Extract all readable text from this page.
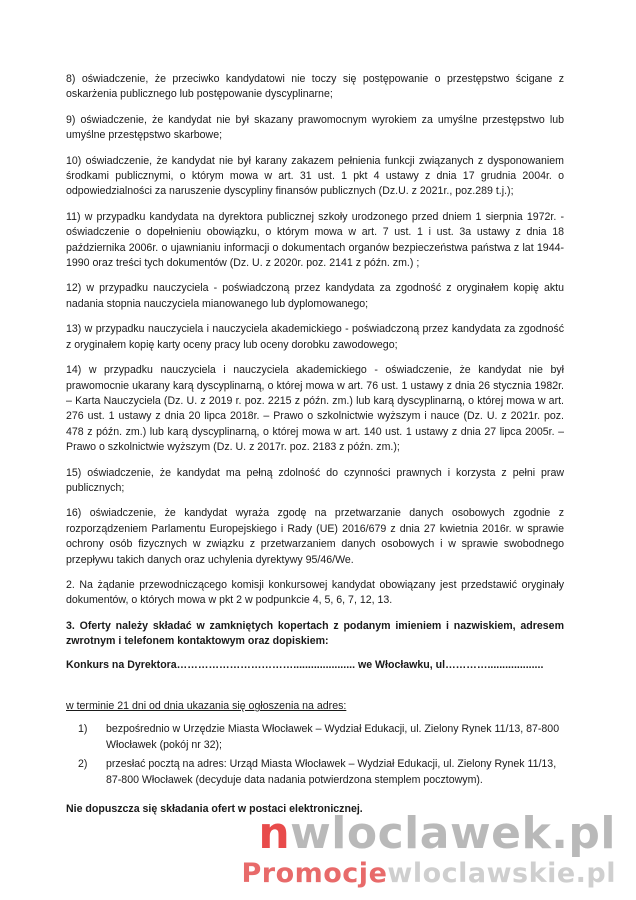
8) oświadczenie, że przeciwko kandydatowi nie toczy się postępowanie o przestępstwo ścigane z oskarżenia publicznego lub postępowanie dyscyplinarne;

9) oświadczenie, że kandydat nie był skazany prawomocnym wyrokiem za umyślne przestępstwo lub umyślne przestępstwo skarbowe;

10) oświadczenie, że kandydat nie był karany zakazem pełnienia funkcji związanych z dysponowaniem środkami publicznymi, o którym mowa w art. 31 ust. 1 pkt 4 ustawy z dnia 17 grudnia 2004r. o odpowiedzialności za naruszenie dyscypliny finansów publicznych (Dz.U. z 2021r., poz.289 t.j.);

11) w przypadku kandydata na dyrektora publicznej szkoły urodzonego przed dniem 1 sierpnia 1972r. - oświadczenie o dopełnieniu obowiązku, o którym mowa w art. 7 ust. 1 i ust. 3a ustawy z dnia 18 października 2006r. o ujawnianiu informacji o dokumentach organów bezpieczeństwa państwa z lat 1944-1990 oraz treści tych dokumentów (Dz. U. z 2020r. poz. 2141 z późn. zm.) ;

12) w przypadku nauczyciela - poświadczoną przez kandydata za zgodność z oryginałem kopię aktu nadania stopnia nauczyciela mianowanego lub dyplomowanego;

13) w przypadku nauczyciela i nauczyciela akademickiego - poświadczoną przez kandydata za zgodność z oryginałem kopię karty oceny pracy lub oceny dorobku zawodowego;

14) w przypadku nauczyciela i nauczyciela akademickiego - oświadczenie, że kandydat nie był prawomocnie ukarany karą dyscyplinarną, o której mowa w art. 76 ust. 1 ustawy z dnia 26 stycznia 1982r. – Karta Nauczyciela (Dz. U. z 2019 r. poz. 2215 z późn. zm.) lub karą dyscyplinarną, o której mowa w art. 276 ust. 1 ustawy z dnia 20 lipca 2018r. – Prawo o szkolnictwie wyższym i nauce (Dz. U. z 2021r. poz. 478 z późn. zm.) lub karą dyscyplinarną, o której mowa w art. 140 ust. 1 ustawy z dnia 27 lipca 2005r. – Prawo o szkolnictwie wyższym (Dz. U. z 2017r. poz. 2183 z późn. zm.);

15) oświadczenie, że kandydat ma pełną zdolność do czynności prawnych i korzysta z pełni praw publicznych;

16) oświadczenie, że kandydat wyraża zgodę na przetwarzanie danych osobowych zgodnie z rozporządzeniem Parlamentu Europejskiego i Rady (UE) 2016/679 z dnia 27 kwietnia 2016r. w sprawie ochrony osób fizycznych w związku z przetwarzaniem danych osobowych i w sprawie swobodnego przepływu takich danych oraz uchylenia dyrektywy 95/46/We.

2. Na żądanie przewodniczącego komisji konkursowej kandydat obowiązany jest przedstawić oryginały dokumentów, o których mowa w pkt 2 w podpunkcie 4, 5, 6, 7, 12, 13.

3. Oferty należy składać w zamkniętych kopertach z podanym imieniem i nazwiskiem, adresem zwrotnym i telefonem kontaktowym oraz dopiskiem:

Konkurs na Dyrektora……………………………..................... we Włocławku, ul…………...................

w terminie 21 dni od dnia ukazania się ogłoszenia na adres:

1)	bezpośrednio w Urzędzie Miasta Włocławek – Wydział Edukacji, ul. Zielony Rynek 11/13, 87-800 Włocławek (pokój nr 32);
2)	przesłać pocztą na adres: Urząd Miasta Włocławek – Wydział Edukacji, ul. Zielony Rynek 11/13, 87-800 Włocławek (decyduje data nadania potwierdzona stemplem pocztowym).

Nie dopuszcza się składania ofert w postaci elektronicznej.

nwloclawek.pl
Promocjewloclawskie.pl
